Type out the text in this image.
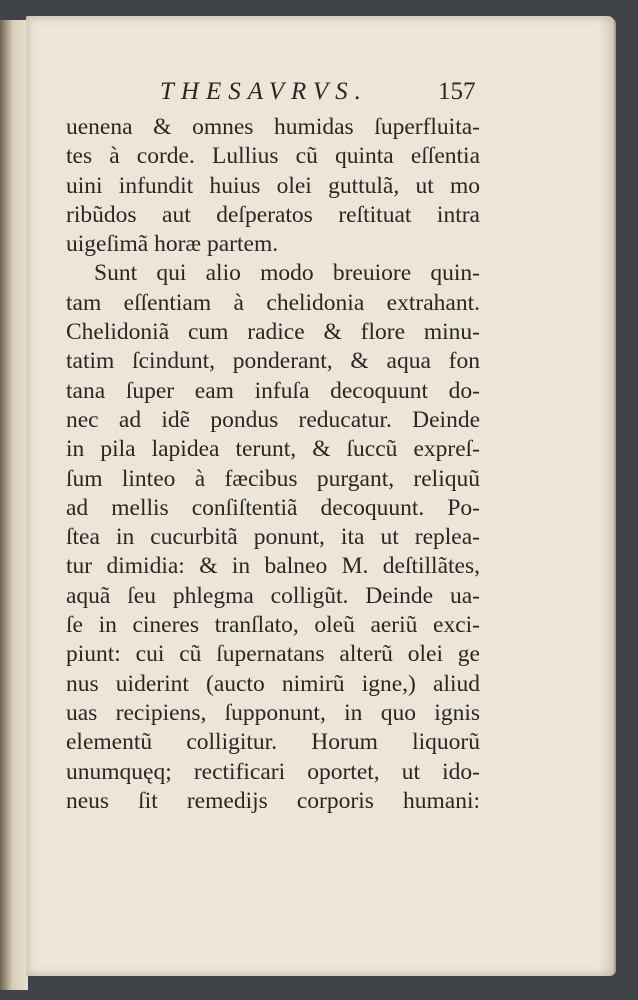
THESAVRVS.	157
uenena & omnes humidas ſuperfluita-
tes à corde. Lullius cũ quinta eſſentia
uini infundit huius olei guttulã, ut mo
ribũdos aut deſperatos reſtituat intra
uigeſimã horæ partem.
Sunt qui alio modo breuiore quin-
tam eſſentiam à chelidonia extrahant.
Chelidoniã cum radice & flore minu-
tatim ſcindunt, ponderant, & aqua fon
tana ſuper eam infuſa decoquunt do-
nec ad idẽ pondus reducatur. Deinde
in pila lapidea terunt, & ſuccũ expreſ-
ſum linteo à fæcibus purgant, reliquũ
ad mellis conſiſtentiã decoquunt. Po-
ſtea in cucurbitã ponunt, ita ut replea-
tur dimidia: & in balneo M. deſtillãtes,
aquã ſeu phlegma colligũt. Deinde ua-
ſe in cineres tranſlato, oleũ aeriũ exci-
piunt: cui cũ ſupernatans alterũ olei ge
nus uiderint (aucto nimirũ igne,) aliud
uas recipiens, ſupponunt, in quo ignis
elementũ colligitur. Horum liquorũ
unumquęq; rectificari oportet, ut ido-
neus ſit remedijs corporis humani:
